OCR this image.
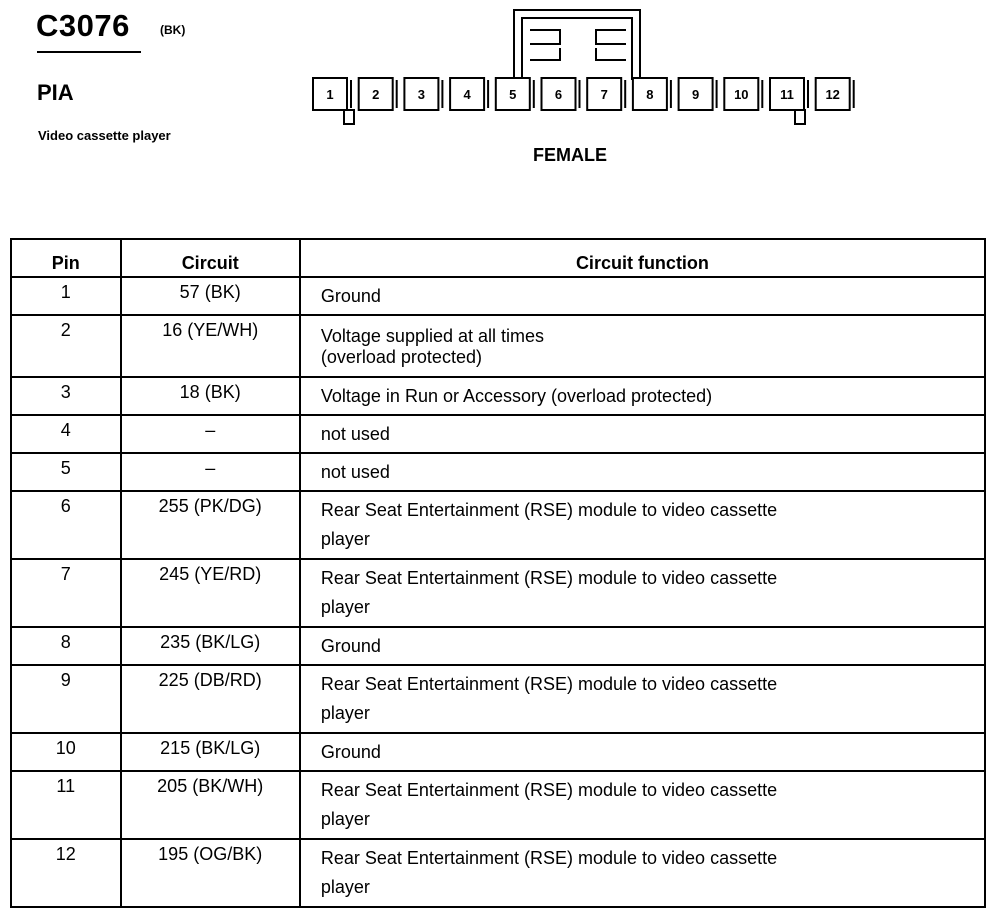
C3076	(BK)
PIA
Video cassette player
FEMALE
1	2	3	4	5	6	7	8	9	10 11 12
Pin	Circuit	Circuit function
1	57 (BK)	Ground
2	16 (YE/WH)	Voltage supplied at all times (overload protected)

3	18 (BK)	Voltage in Run or Accessory (overload protected)
4	–	not used
5	–	not used
6	255 (PK/DG)	Rear Seat Entertainment (RSE) module to video cassette player

7	245 (YE/RD)	Rear Seat Entertainment (RSE) module to video cassette player

8	235 (BK/LG)	Ground
9	225 (DB/RD)	Rear Seat Entertainment (RSE) module to video cassette player

10	215 (BK/LG)	Ground
11	205 (BK/WH)	Rear Seat Entertainment (RSE) module to video cassette player

12	195 (OG/BK)	Rear Seat Entertainment (RSE) module to video cassette player
